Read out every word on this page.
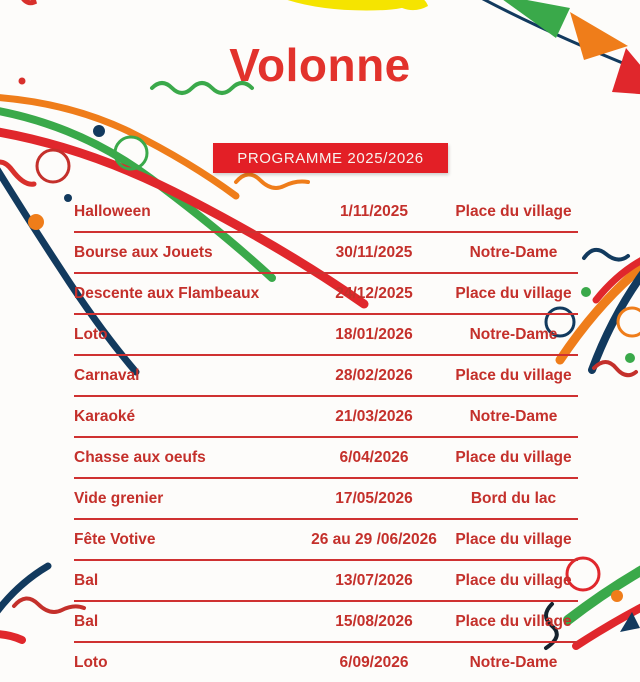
Volonne
PROGRAMME 2025/2026
Halloween	1/11/2025	Place du village
Bourse aux Jouets	30/11/2025	Notre-Dame
Descente aux Flambeaux	24/12/2025	Place du village
Loto	18/01/2026	Notre-Dame
Carnaval	28/02/2026	Place du village
Karaoké	21/03/2026	Notre-Dame
Chasse aux oeufs	6/04/2026	Place du village
Vide grenier	17/05/2026	Bord du lac
Fête Votive	26 au 29 /06/2026	Place du village
Bal	13/07/2026	Place du village
Bal	15/08/2026	Place du village
Loto	6/09/2026	Notre-Dame
